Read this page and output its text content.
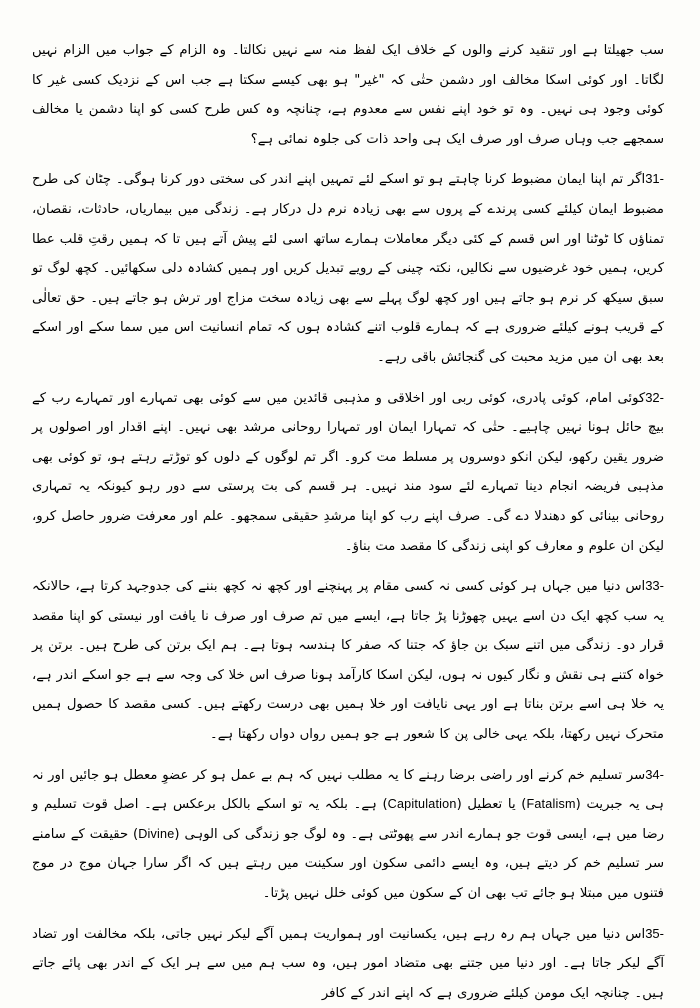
سب جھیلتا ہے اور تنقید کرنے والوں کے خلاف ایک لفظ منہ سے نہیں نکالتا۔ وہ الزام کے جواب میں الزام نہیں لگاتا۔ اور کوئی اسکا مخالف اور دشمن حتٰی کہ "غیر" ہو بھی کیسے سکتا ہے جب اس کے نزدیک کسی غیر کا کوئی وجود ہی نہیں۔ وہ تو خود اپنے نفس سے معدوم ہے، چنانچہ وہ کس طرح کسی کو اپنا دشمن یا مخالف سمجھے جب وہاں صرف اور صرف ایک ہی واحد ذات کی جلوہ نمائی ہے؟

31-اگر تم اپنا ایمان مضبوط کرنا چاہتے ہو تو اسکے لئے تمہیں اپنے اندر کی سختی دور کرنا ہوگی۔ چٹان کی طرح مضبوط ایمان کیلئے کسی پرندے کے پروں سے بھی زیادہ نرم دل درکار ہے۔ زندگی میں بیماریاں، حادثات، نقصان، تمناؤں کا ٹوٹنا اور اس قسم کے کئی دیگر معاملات ہمارے ساتھ اسی لئے پیش آتے ہیں تا کہ ہمیں رقتِ قلب عطا کریں، ہمیں خود غرضیوں سے نکالیں، نکتہ چینی کے رویے تبدیل کریں اور ہمیں کشادہ دلی سکھائیں۔ کچھ لوگ تو سبق سیکھ کر نرم ہو جاتے ہیں اور کچھ لوگ پہلے سے بھی زیادہ سخت مزاج اور ترش ہو جاتے ہیں۔ حق تعالٰی کے قریب ہونے کیلئے ضروری ہے کہ ہمارے قلوب اتنے کشادہ ہوں کہ تمام انسانیت اس میں سما سکے اور اسکے بعد بھی ان میں مزید محبت کی گنجائش باقی رہے۔

32-کوئی امام، کوئی پادری، کوئی ربی اور اخلاقی و مذہبی قائدین میں سے کوئی بھی تمہارے اور تمہارے رب کے بیچ حائل ہونا نہیں چاہیے۔ حتٰی کہ تمہارا ایمان اور تمہارا روحانی مرشد بھی نہیں۔ اپنے اقدار اور اصولوں پر ضرور یقین رکھو، لیکن انکو دوسروں پر مسلط مت کرو۔ اگر تم لوگوں کے دلوں کو توڑتے رہتے ہو، تو کوئی بھی مذہبی فریضہ انجام دینا تمہارے لئے سود مند نہیں۔ ہر قسم کی بت پرستی سے دور رہو کیونکہ یہ تمہاری روحانی بینائی کو دھندلا دے گی۔ صرف اپنے رب کو اپنا مرشدِ حقیقی سمجھو۔ علم اور معرفت ضرور حاصل کرو، لیکن ان علوم و معارف کو اپنی زندگی کا مقصد مت بناؤ۔

33-اس دنیا میں جہاں ہر کوئی کسی نہ کسی مقام پر پہنچنے اور کچھ نہ کچھ بننے کی جدوجہد کرتا ہے، حالانکہ یہ سب کچھ ایک دن اسے یہیں چھوڑنا پڑ جاتا ہے، ایسے میں تم صرف اور صرف نا یافت اور نیستی کو اپنا مقصد قرار دو۔ زندگی میں اتنے سبک بن جاؤ کہ جتنا کہ صفر کا ہندسہ ہوتا ہے۔ ہم ایک برتن کی طرح ہیں۔ برتن پر خواہ کتنے ہی نقش و نگار کیوں نہ ہوں، لیکن اسکا کارآمد ہونا صرف اس خلا کی وجہ سے ہے جو اسکے اندر ہے، یہ خلا ہی اسے برتن بناتا ہے اور یہی نایافت اور خلا ہمیں بھی درست رکھتے ہیں۔ کسی مقصد کا حصول ہمیں متحرک نہیں رکھتا، بلکہ یہی خالی پن کا شعور ہے جو ہمیں رواں دواں رکھتا ہے۔

34-سر تسلیم خم کرنے اور راضی برضا رہنے کا یہ مطلب نہیں کہ ہم بے عمل ہو کر عضوِ معطل ہو جائیں اور نہ ہی یہ جبریت (Fatalism) یا تعطیل (Capitulation) ہے۔ بلکہ یہ تو اسکے بالکل برعکس ہے۔ اصل قوت تسلیم و رضا میں ہے، ایسی قوت جو ہمارے اندر سے پھوٹتی ہے۔ وہ لوگ جو زندگی کی الوہی (Divine) حقیقت کے سامنے سر تسلیم خم کر دیتے ہیں، وہ ایسے دائمی سکون اور سکینت میں رہتے ہیں کہ اگر سارا جہان موج در موج فتنوں میں مبتلا ہو جائے تب بھی ان کے سکون میں کوئی خلل نہیں پڑتا۔

35-اس دنیا میں جہاں ہم رہ رہے ہیں، یکسانیت اور ہمواریت ہمیں آگے لیکر نہیں جاتی، بلکہ مخالفت اور تضاد آگے لیکر جاتا ہے۔ اور دنیا میں جتنے بھی متضاد امور ہیں، وہ سب ہم میں سے ہر ایک کے اندر بھی پائے جاتے ہیں۔ چنانچہ ایک مومن کیلئے ضروری ہے کہ اپنے اندر کے کافر
